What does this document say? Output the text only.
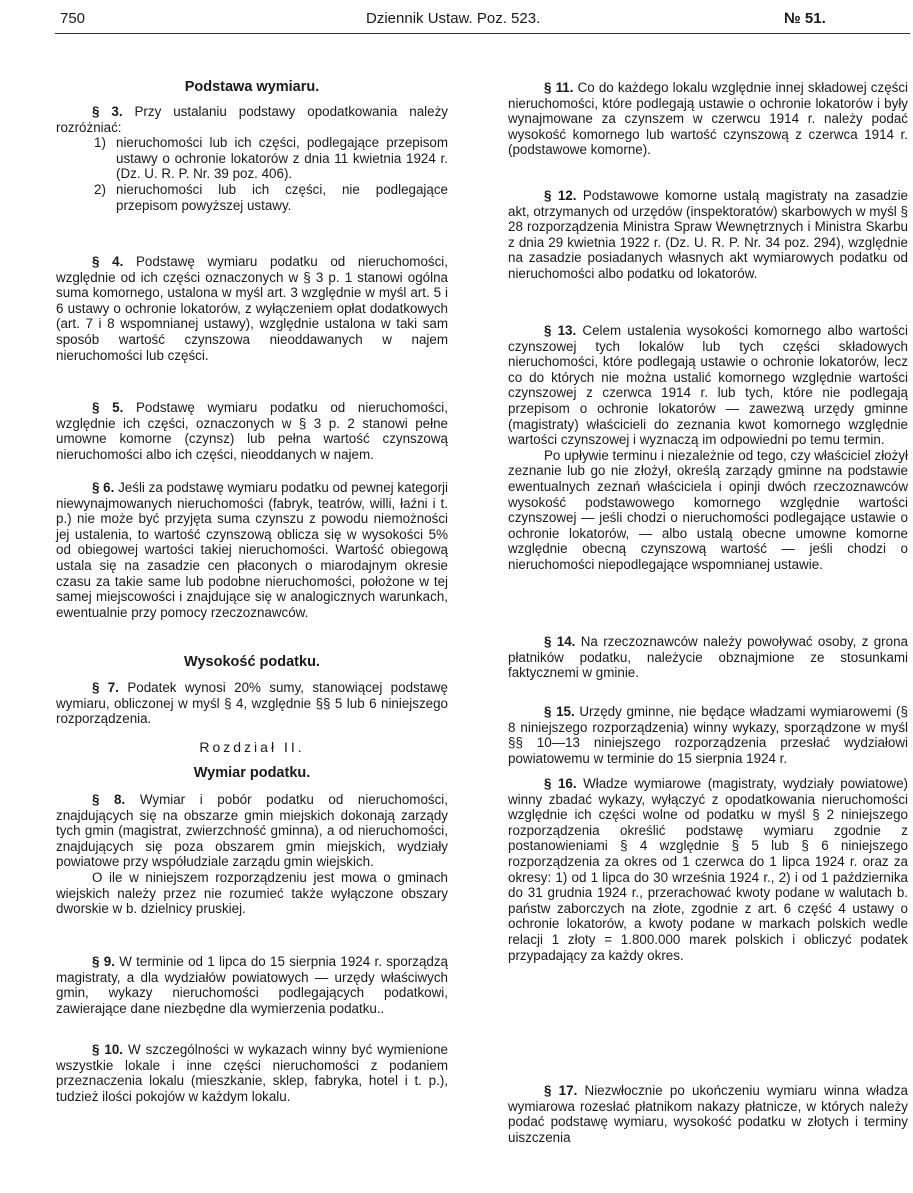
750	Dziennik Ustaw. Poz. 523.	№ 51.
Podstawa wymiaru.

§ 3. Przy ustalaniu podstawy opodatkowania należy rozróżniać:

1) nieruchomości lub ich części, podlegające przepisom ustawy o ochronie lokatorów z dnia 11 kwietnia 1924 r. (Dz. U. R. P. Nr. 39 poz. 406).
2) nieruchomości lub ich części, nie podlegające przepisom powyższej ustawy.

§ 4. Podstawę wymiaru podatku od nieruchomości, względnie od ich części oznaczonych w § 3 p. 1 stanowi ogólna suma komornego, ustalona w myśl art. 3 względnie w myśl art. 5 i 6 ustawy o ochronie lokatorów, z wyłączeniem opłat dodatkowych (art. 7 i 8 wspomnianej ustawy), względnie ustalona w taki sam sposób wartość czynszowa nieoddawanych w najem nieruchomości lub części.

§ 5. Podstawę wymiaru podatku od nieruchomości, względnie ich części, oznaczonych w § 3 p. 2 stanowi pełne umowne komorne (czynsz) lub pełna wartość czynszową nieruchomości albo ich części, nieoddanych w najem.

§ 6. Jeśli za podstawę wymiaru podatku od pewnej kategorji niewynajmowanych nieruchomości (fabryk, teatrów, willi, łaźni i t. p.) nie może być przyjęta suma czynszu z powodu niemożności jej ustalenia, to wartość czynszową oblicza się w wysokości 5% od obiegowej wartości takiej nieruchomości. Wartość obiegową ustala się na zasadzie cen płaconych o miarodajnym okresie czasu za takie same lub podobne nieruchomości, położone w tej samej miejscowości i znajdujące się w analogicznych warunkach, ewentualnie przy pomocy rzeczoznawców.

Wysokość podatku.

§ 7. Podatek wynosi 20% sumy, stanowiącej podstawę wymiaru, obliczonej w myśl § 4, względnie §§ 5 lub 6 niniejszego rozporządzenia.

Rozdział II.
Wymiar podatku.

§ 8. Wymiar i pobór podatku od nieruchomości, znajdujących się na obszarze gmin miejskich dokonają zarządy tych gmin (magistrat, zwierzchność gminna), a od nieruchomości, znajdujących się poza obszarem gmin miejskich, wydziały powiatowe przy współudziale zarządu gmin wiejskich.

O ile w niniejszem rozporządzeniu jest mowa o gminach wiejskich należy przez nie rozumieć także wyłączone obszary dworskie w b. dzielnicy pruskiej.

§ 9. W terminie od 1 lipca do 15 sierpnia 1924 r. sporządzą magistraty, a dla wydziałów powiatowych — urzędy właściwych gmin, wykazy nieruchomości podlegających podatkowi, zawierające dane niezbędne dla wymierzenia podatku..

§ 10. W szczególności w wykazach winny być wymienione wszystkie lokale i inne części nieruchomości z podaniem przeznaczenia lokalu (mieszkanie, sklep, fabryka, hotel i t. p.), tudzież ilości pokojów w każdym lokalu.

§ 11. Co do każdego lokalu względnie innej składowej części nieruchomości, które podlegają ustawie o ochronie lokatorów i były wynajmowane za czynszem w czerwcu 1914 r. należy podać wysokość komornego lub wartość czynszową z czerwca 1914 r. (podstawowe komorne).

§ 12. Podstawowe komorne ustalą magistraty na zasadzie akt, otrzymanych od urzędów (inspektoratów) skarbowych w myśl § 28 rozporządzenia Ministra Spraw Wewnętrznych i Ministra Skarbu z dnia 29 kwietnia 1922 r. (Dz. U. R. P. Nr. 34 poz. 294), względnie na zasadzie posiadanych własnych akt wymiarowych podatku od nieruchomości albo podatku od lokatorów.

§ 13. Celem ustalenia wysokości komornego albo wartości czynszowej tych lokalów lub tych części składowych nieruchomości, które podlegają ustawie o ochronie lokatorów, lecz co do których nie można ustalić komornego względnie wartości czynszowej z czerwca 1914 r. lub tych, które nie podlegają przepisom o ochronie lokatorów — zawezwą urzędy gminne (magistraty) właścicieli do zeznania kwot komornego względnie wartości czynszowej i wyznaczą im odpowiedni po temu termin.

Po upływie terminu i niezależnie od tego, czy właściciel złożył zeznanie lub go nie złożył, określą zarządy gminne na podstawie ewentualnych zeznań właściciela i opinji dwóch rzeczoznawców wysokość podstawowego komornego względnie wartości czynszowej — jeśli chodzi o nieruchomości podlegające ustawie o ochronie lokatorów, — albo ustalą obecne umowne komorne względnie obecną czynszową wartość — jeśli chodzi o nieruchomości niepodlegające wspomnianej ustawie.

§ 14. Na rzeczoznawców należy powoływać osoby, z grona płatników podatku, należycie obznajmione ze stosunkami faktycznemi w gminie.

§ 15. Urzędy gminne, nie będące władzami wymiarowemi (§ 8 niniejszego rozporządzenia) winny wykazy, sporządzone w myśl §§ 10—13 niniejszego rozporządzenia przesłać wydziałowi powiatowemu w terminie do 15 sierpnia 1924 r.

§ 16. Władze wymiarowe (magistraty, wydziały powiatowe) winny zbadać wykazy, wyłączyć z opodatkowania nieruchomości względnie ich części wolne od podatku w myśl § 2 niniejszego rozporządzenia określić podstawę wymiaru zgodnie z postanowieniami § 4 względnie § 5 lub § 6 niniejszego rozporządzenia za okres od 1 czerwca do 1 lipca 1924 r. oraz za okresy: 1) od 1 lipca do 30 września 1924 r., 2) i od 1 października do 31 grudnia 1924 r., przerachować kwoty podane w walutach b. państw zaborczych na złote, zgodnie z art. 6 część 4 ustawy o ochronie lokatorów, a kwoty podane w markach polskich wedle relacji 1 złoty = 1.800.000 marek polskich i obliczyć podatek przypadający za każdy okres.

§ 17. Niezwłocznie po ukończeniu wymiaru winna władza wymiarowa rozesłać płatnikom nakazy płatnicze, w których należy podać podstawę wymiaru, wysokość podatku w złotych i terminy uiszczenia
